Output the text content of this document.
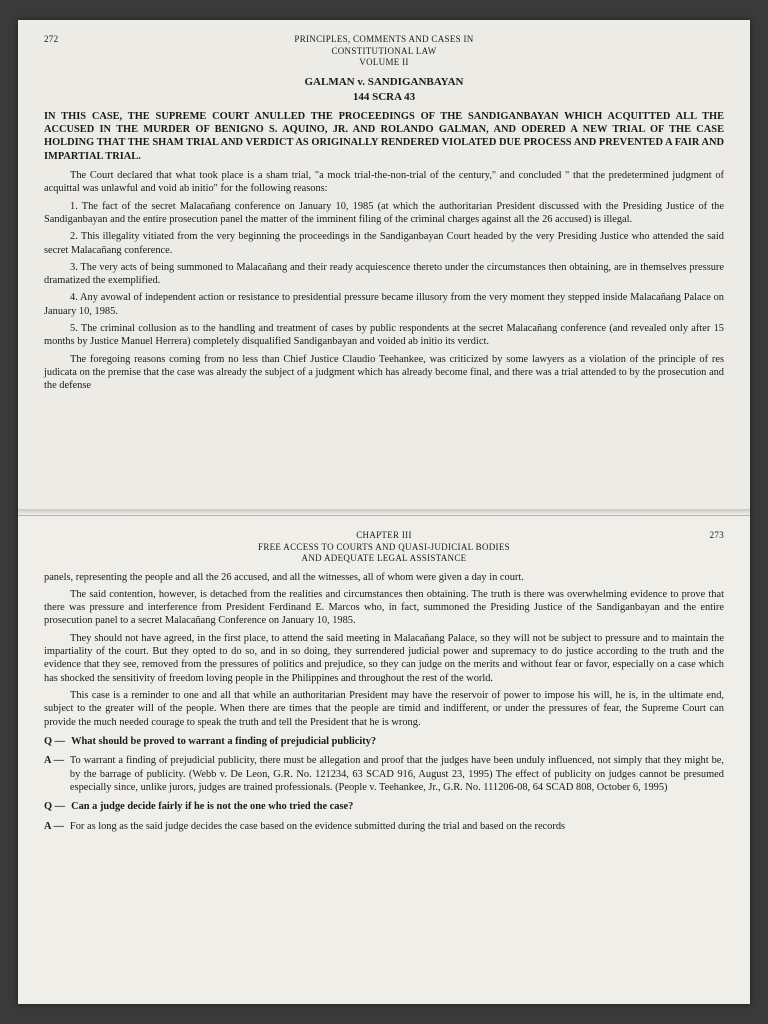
272	PRINCIPLES, COMMENTS AND CASES IN
CONSTITUTIONAL LAW
VOLUME II
GALMAN v. SANDIGANBAYAN
144 SCRA 43
IN THIS CASE, THE SUPREME COURT ANULLED THE PROCEEDINGS OF THE SANDIGANBAYAN WHICH ACQUITTED ALL THE ACCUSED IN THE MURDER OF BENIGNO S. AQUINO, JR. AND ROLANDO GALMAN, AND ODERED A NEW TRIAL OF THE CASE HOLDING THAT THE SHAM TRIAL AND VERDICT AS ORIGINALLY RENDERED VIOLATED DUE PROCESS AND PREVENTED A FAIR AND IMPARTIAL TRIAL.

The Court declared that what took place is a sham trial, "a mock trial-the-non-trial of the century," and concluded " that the predetermined judgment of acquittal was unlawful and void ab initio" for the following reasons:

1. The fact of the secret Malacañang conference on January 10, 1985 (at which the authoritarian President discussed with the Presiding Justice of the Sandiganbayan and the entire prosecution panel the matter of the imminent filing of the criminal charges against all the 26 accused) is illegal.

2. This illegality vitiated from the very beginning the proceedings in the Sandiganbayan Court headed by the very Presiding Justice who attended the said secret Malacañang conference.

3. The very acts of being summoned to Malacañang and their ready acquiescence thereto under the circumstances then obtaining, are in themselves pressure dramatized the exemplified.

4. Any avowal of independent action or resistance to presidential pressure became illusory from the very moment they stepped inside Malacañang Palace on January 10, 1985.

5. The criminal collusion as to the handling and treatment of cases by public respondents at the secret Malacañang conference (and revealed only after 15 months by Justice Manuel Herrera) completely disqualified Sandiganbayan and voided ab initio its verdict.

The foregoing reasons coming from no less than Chief Justice Claudio Teehankee, was criticized by some lawyers as a violation of the principle of res judicata on the premise that the case was already the subject of a judgment which has already become final, and there was a trial attended to by the prosecution and the defense

CHAPTER III
FREE ACCESS TO COURTS AND QUASI-JUDICIAL BODIES
AND ADEQUATE LEGAL ASSISTANCE
273

panels, representing the people and all the 26 accused, and all the witnesses, all of whom were given a day in court.

The said contention, however, is detached from the realities and circumstances then obtaining. The truth is there was overwhelming evidence to prove that there was pressure and interference from President Ferdinand E. Marcos who, in fact, summoned the Presiding Justice of the Sandiganbayan and the entire prosecution panel to a secret Malacañang Conference on January 10, 1985.

They should not have agreed, in the first place, to attend the said meeting in Malacañang Palace, so they will not be subject to pressure and to maintain the impartiality of the court. But they opted to do so, and in so doing, they surrendered judicial power and supremacy to do justice according to the truth and the evidence that they see, removed from the pressures of politics and prejudice, so they can judge on the merits and without fear or favor, especially on a case which has shocked the sensitivity of freedom loving people in the Philippines and throughout the rest of the world.

This case is a reminder to one and all that while an authoritarian President may have the reservoir of power to impose his will, he is, in the ultimate end, subject to the greater will of the people. When there are times that the people are timid and indifferent, or under the pressures of fear, the Supreme Court can provide the much needed courage to speak the truth and tell the President that he is wrong.

Q — What should be proved to warrant a finding of prejudicial publicity?
A — To warrant a finding of prejudicial publicity, there must be allegation and proof that the judges have been unduly influenced, not simply that they might be, by the barrage of publicity. (Webb v. De Leon, G.R. No. 121234, 63 SCAD 916, August 23, 1995) The effect of publicity on judges cannot be presumed especially since, unlike jurors, judges are trained professionals. (People v. Teehankee, Jr., G.R. No. 111206-08, 64 SCAD 808, October 6, 1995)
Q — Can a judge decide fairly if he is not the one who tried the case?
A — For as long as the said judge decides the case based on the evidence submitted during the trial and based on the records
